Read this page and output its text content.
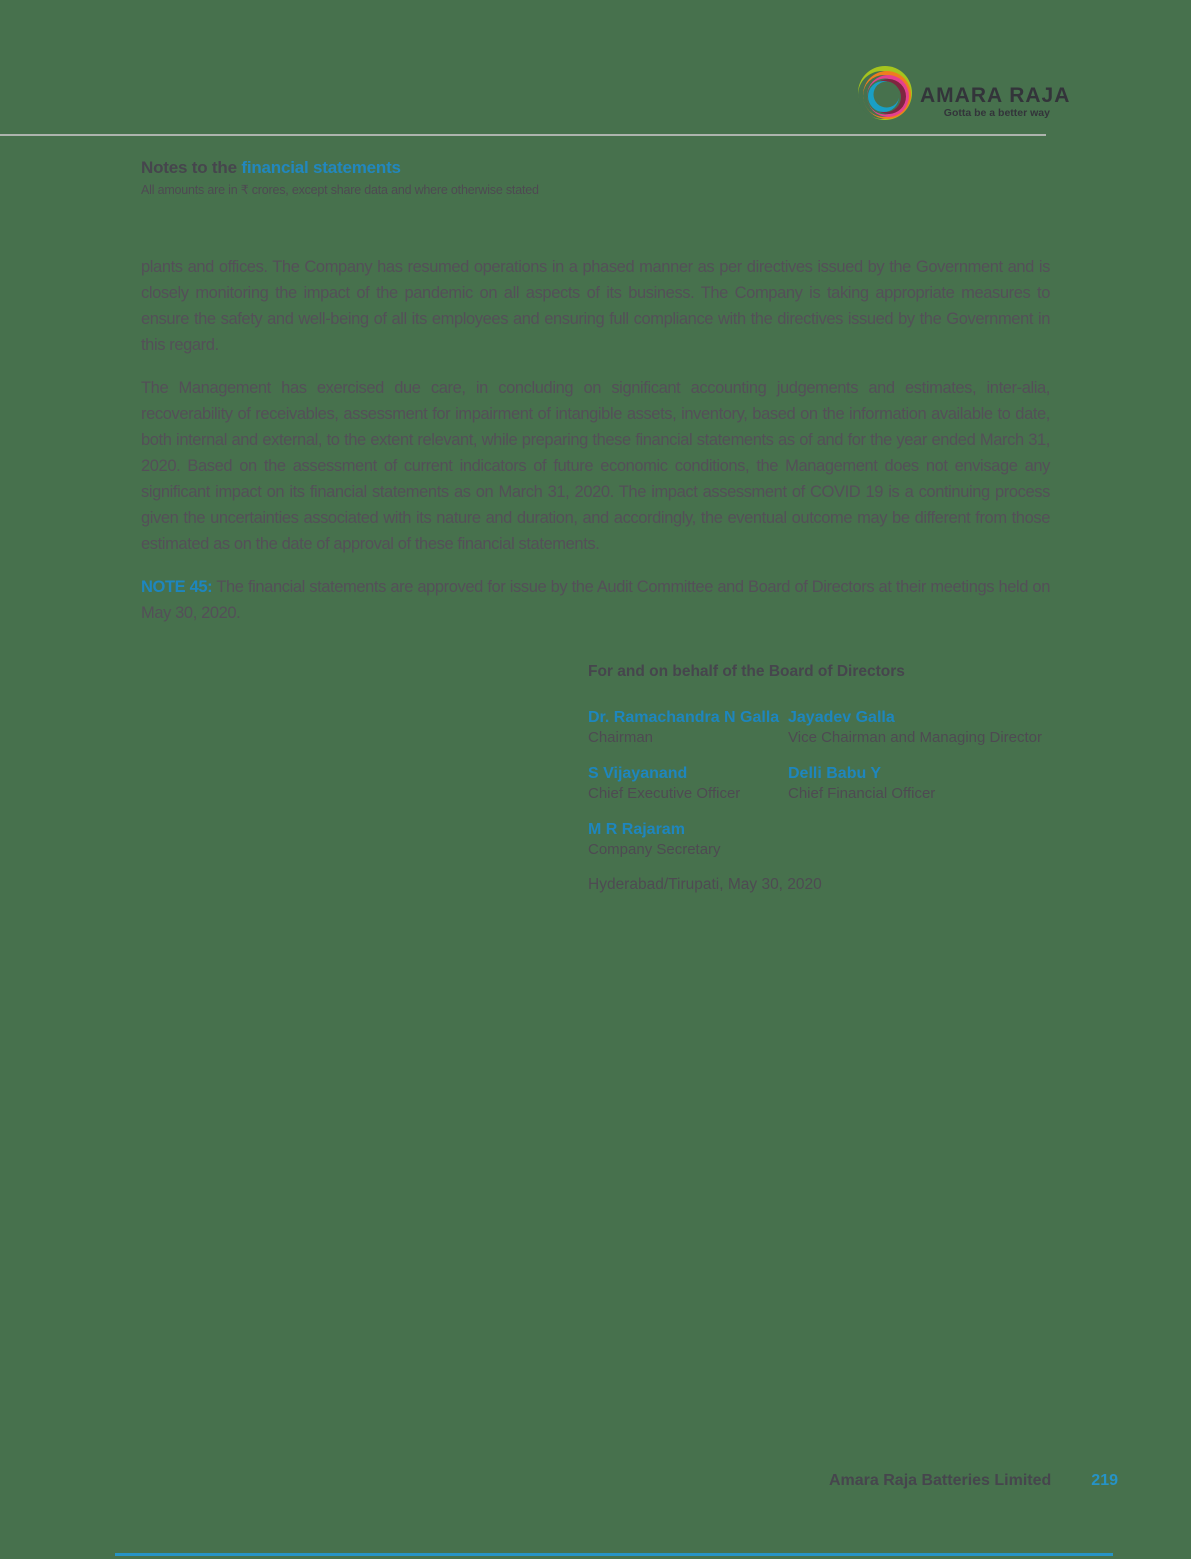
AMARA RAJA
Gotta be a better way
Notes to the financial statements
All amounts are in ₹ crores, except share data and where otherwise stated

plants and offices. The Company has resumed operations in a phased manner as per directives issued by the Government and is closely monitoring the impact of the pandemic on all aspects of its business. The Company is taking appropriate measures to ensure the safety and well-being of all its employees and ensuring full compliance with the directives issued by the Government in this regard.

The Management has exercised due care, in concluding on significant accounting judgements and estimates, inter-alia, recoverability of receivables, assessment for impairment of intangible assets, inventory, based on the information available to date, both internal and external, to the extent relevant, while preparing these financial statements as of and for the year ended March 31, 2020. Based on the assessment of current indicators of future economic conditions, the Management does not envisage any significant impact on its financial statements as on March 31, 2020. The impact assessment of COVID 19 is a continuing process given the uncertainties associated with its nature and duration, and accordingly, the eventual outcome may be different from those estimated as on the date of approval of these financial statements.

NOTE 45: The financial statements are approved for issue by the Audit Committee and Board of Directors at their meetings held on May 30, 2020.

For and on behalf of the Board of Directors
Dr. Ramachandra N Galla
Chairman
Jayadev Galla
Vice Chairman and Managing Director
S Vijayanand
Chief Executive Officer
Delli Babu Y
Chief Financial Officer
M R Rajaram
Company Secretary
Hyderabad/Tirupati, May 30, 2020
Amara Raja Batteries Limited	219
